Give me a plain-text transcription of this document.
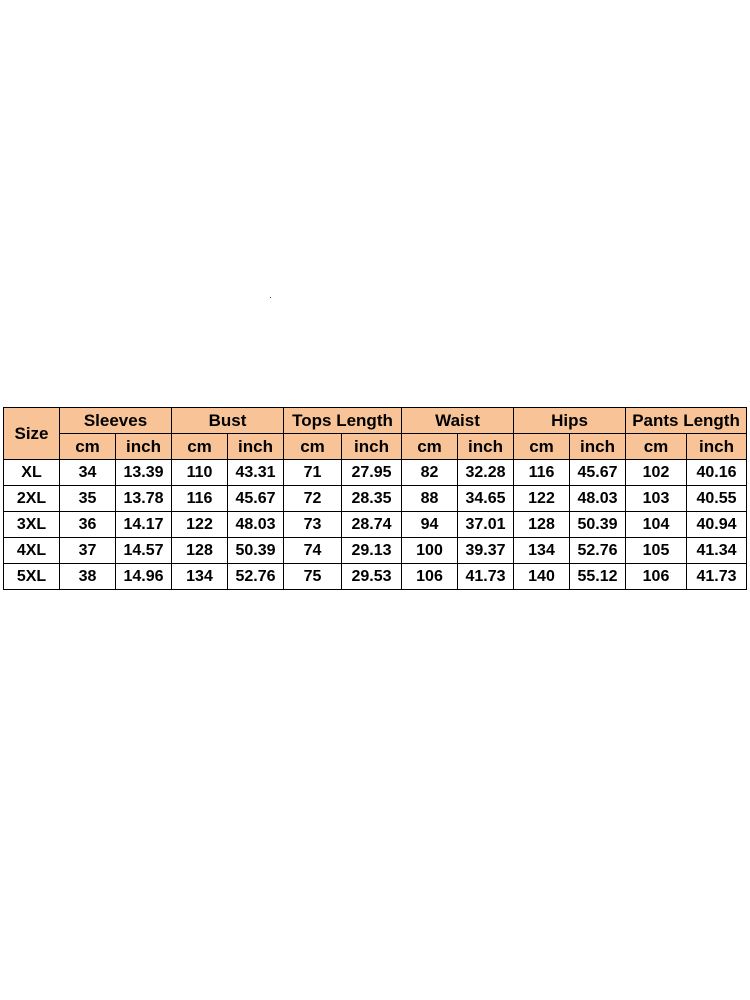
Size	Sleeves		Bust		Tops Length		Waist		Hips		Pants Length	
	cm	inch	cm	inch	cm	inch	cm	inch	cm	inch	cm	inch
XL	34	13.39	110	43.31	71	27.95	82	32.28	116	45.67	102	40.16
2XL	35	13.78	116	45.67	72	28.35	88	34.65	122	48.03	103	40.55
3XL	36	14.17	122	48.03	73	28.74	94	37.01	128	50.39	104	40.94
4XL	37	14.57	128	50.39	74	29.13	100	39.37	134	52.76	105	41.34
5XL	38	14.96	134	52.76	75	29.53	106	41.73	140	55.12	106	41.73
